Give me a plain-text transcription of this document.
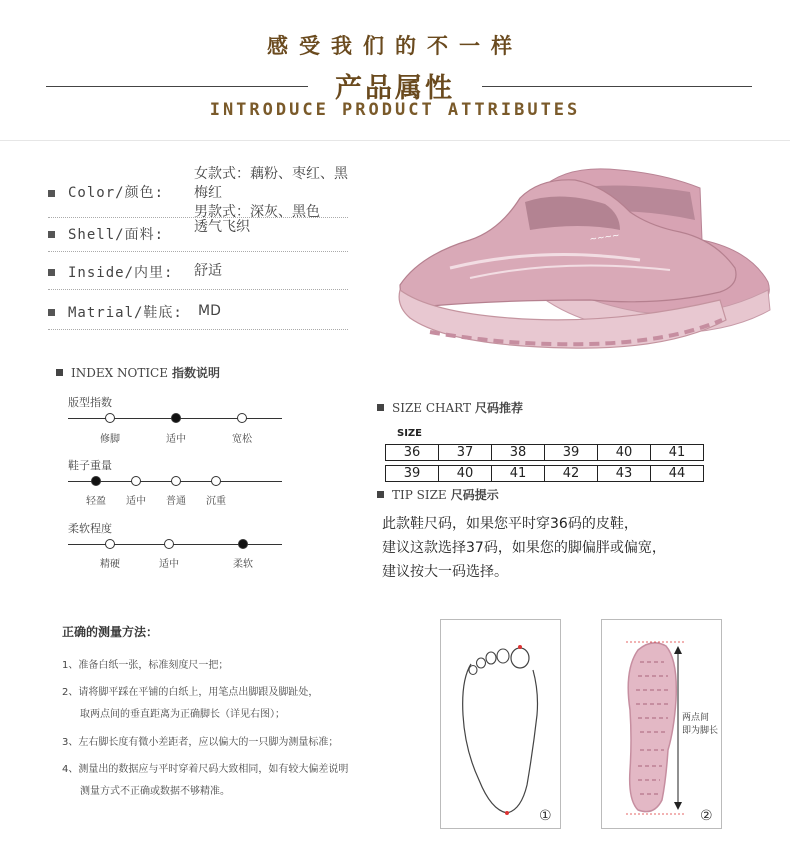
感受我们的不一样
产品属性
INTRODUCE PRODUCT ATTRIBUTES
Color/颜色:
女款式：藕粉、枣红、黑梅红
男款式：深灰、黑色
Shell/面料: 透气飞织
Inside/内里: 舒适
Matrial/鞋底: MD
~~~~
INDEX NOTICE 指数说明
版型指数
修脚	适中	宽松
鞋子重量
轻盈	适中	普通	沉重
柔软程度
精硬	适中	柔软
SIZE CHART 尺码推荐
SIZE
36	37	38	39	40	41
39	40	41	42	43	44
TIP SIZE 尺码提示
此款鞋尺码，如果您平时穿36码的皮鞋，
建议这款选择37码，如果您的脚偏胖或偏宽，
建议按大一码选择。
正确的测量方法：
1、准备白纸一张，标准刻度尺一把；
2、请将脚平踩在平铺的白纸上，用笔点出脚跟及脚趾处，
取两点间的垂直距离为正确脚长（详见右图）；
3、左右脚长度有微小差距者，应以偏大的一只脚为测量标准；
4、测量出的数据应与平时穿着尺码大致相同，如有较大偏差说明
测量方式不正确或数据不够精准。
①
两点间
即为脚长
②
